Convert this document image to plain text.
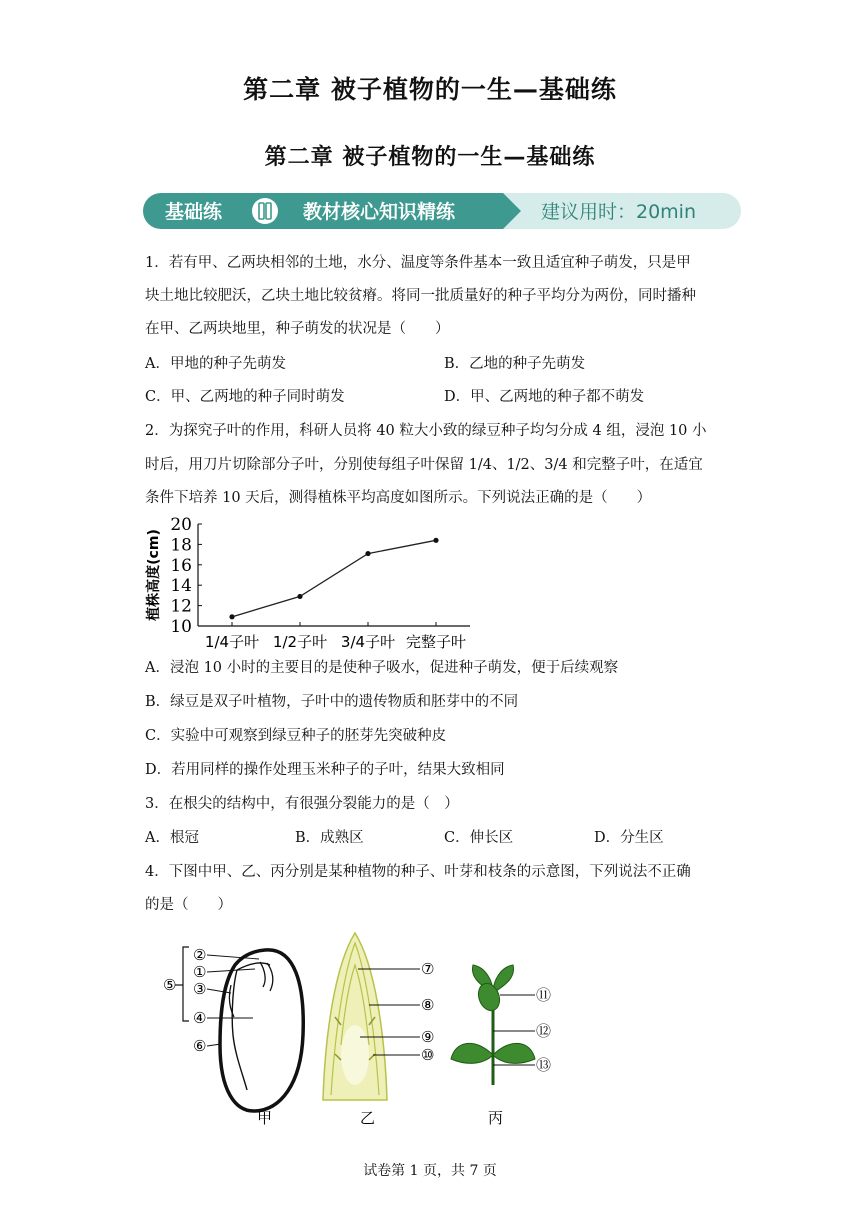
第二章 被子植物的一生—基础练
第二章 被子植物的一生—基础练
基础练	教材核心知识精练	建议用时：20min
1．若有甲、乙两块相邻的土地，水分、温度等条件基本一致且适宜种子萌发，只是甲
块土地比较肥沃，乙块土地比较贫瘠。将同一批质量好的种子平均分为两份，同时播种
在甲、乙两块地里，种子萌发的状况是（　　）
A．甲地的种子先萌发	B．乙地的种子先萌发
C．甲、乙两地的种子同时萌发	D．甲、乙两地的种子都不萌发
2．为探究子叶的作用，科研人员将 40 粒大小致的绿豆种子均匀分成 4 组，浸泡 10 小
时后，用刀片切除部分子叶，分别使每组子叶保留 1/4、1/2、3/4 和完整子叶，在适宜
条件下培养 10 天后，测得植株平均高度如图所示。下列说法正确的是（　　）
10
12
14
16
18
20
1/4子叶 1/2子叶 3/4子叶 完整子叶
植株高度(cm)
A．浸泡 10 小时的主要目的是使种子吸水，促进种子萌发，便于后续观察
B．绿豆是双子叶植物，子叶中的遗传物质和胚芽中的不同
C．实验中可观察到绿豆种子的胚芽先突破种皮
D．若用同样的操作处理玉米种子的子叶，结果大致相同
3．在根尖的结构中，有很强分裂能力的是（　）
A．根冠	B．成熟区	C．伸长区	D．分生区
4．下图中甲、乙、丙分别是某种植物的种子、叶芽和枝条的示意图，下列说法不正确
的是（　　）
②
①
③
④
⑤
⑥
甲
⑦
⑧
⑨
⑩
乙
⑪
⑫
⑬
丙
试卷第 1 页，共 7 页
